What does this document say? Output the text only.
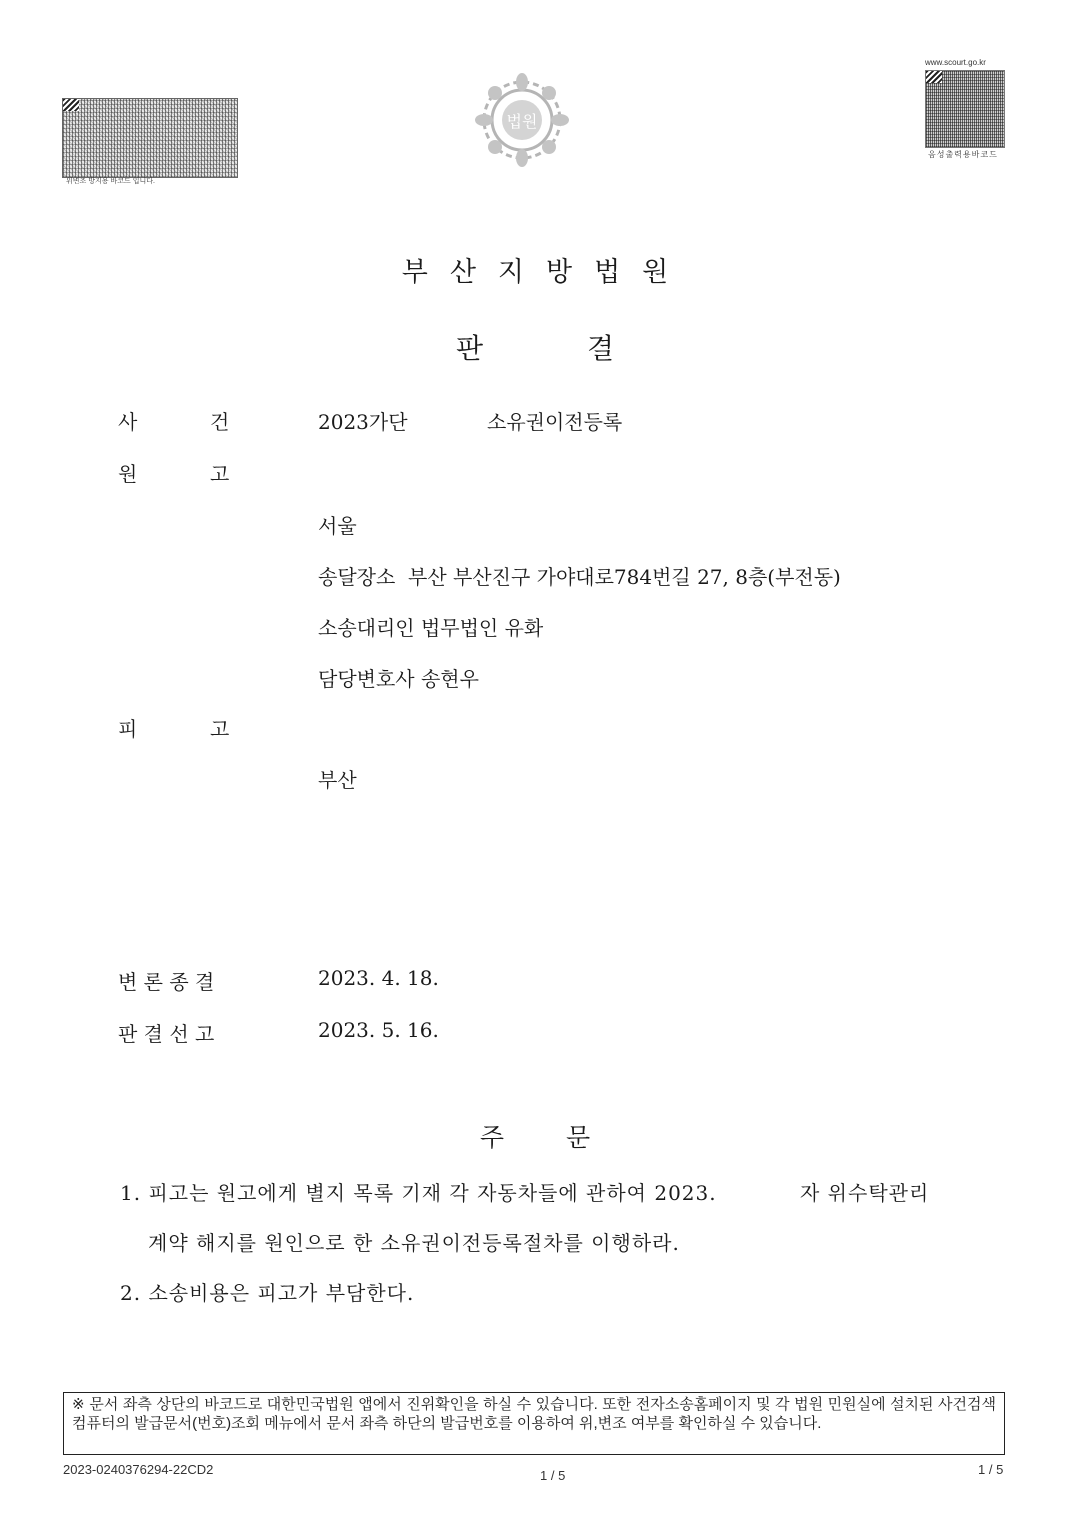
위변조 방지용 바코드 입니다.
법원
www.scourt.go.kr
음성출력용바코드
부산지방법원
판	결
사	건	2023가단	소유권이전등록
원	고
서울
송달장소  부산 부산진구 가야대로784번길 27, 8층(부전동)
소송대리인 법무법인 유화
담당변호사 송현우
피	고
부산
변 론 종 결	2023. 4. 18.
판 결 선 고	2023. 5. 16.
주 문
1. 피고는 원고에게 별지 목록 기재 각 자동차들에 관하여 2023.	자 위수탁관리
계약 해지를 원인으로 한 소유권이전등록절차를 이행하라.
2. 소송비용은 피고가 부담한다.
※ 문서 좌측 상단의 바코드로 대한민국법원 앱에서 진위확인을 하실 수 있습니다. 또한 전자소송홈페이지 및 각 법원 민원실에 설치된 사건검색 컴퓨터의 발급문서(번호)조회 메뉴에서 문서 좌측 하단의 발급번호를 이용하여 위,변조 여부를 확인하실 수 있습니다.
2023-0240376294-22CD2	1 / 5	1 / 5
